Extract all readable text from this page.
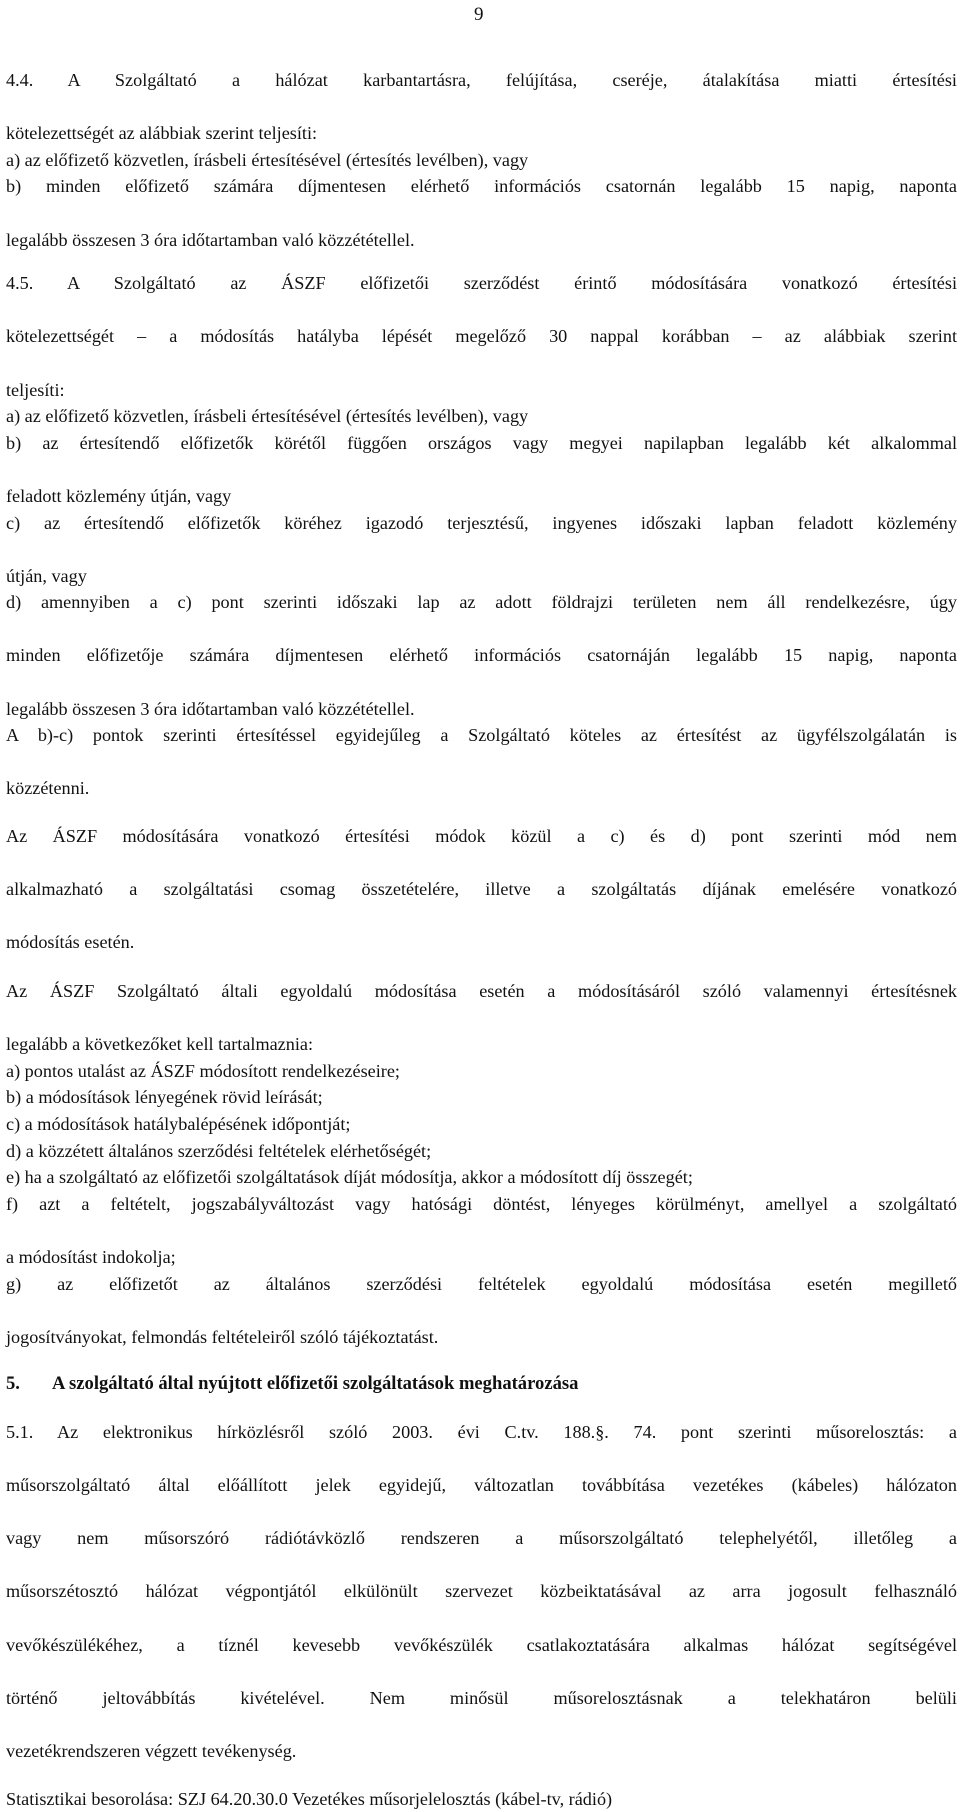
9

4.4. A Szolgáltató a hálózat karbantartásra, felújítása, cseréje, átalakítása miatti értesítési

kötelezettségét az alábbiak szerint teljesíti:

a) az előfizető közvetlen, írásbeli értesítésével (értesítés levélben), vagy

b) minden előfizető számára díjmentesen elérhető információs csatornán legalább 15 napig, naponta

legalább összesen 3 óra időtartamban való közzététellel.

4.5. A Szolgáltató az ÁSZF előfizetői szerződést érintő módosítására vonatkozó értesítési

kötelezettségét – a módosítás hatályba lépését megelőző 30 nappal korábban – az alábbiak szerint

teljesíti:

a) az előfizető közvetlen, írásbeli értesítésével (értesítés levélben), vagy

b) az értesítendő előfizetők körétől függően országos vagy megyei napilapban legalább két alkalommal

feladott közlemény útján, vagy

c) az értesítendő előfizetők köréhez igazodó terjesztésű, ingyenes időszaki lapban feladott közlemény

útján, vagy

d) amennyiben a c) pont szerinti időszaki lap az adott földrajzi területen nem áll rendelkezésre, úgy

minden előfizetője számára díjmentesen elérhető információs csatornáján legalább 15 napig, naponta

legalább összesen 3 óra időtartamban való közzététellel.

A b)-c) pontok szerinti értesítéssel egyidejűleg a Szolgáltató köteles az értesítést az ügyfélszolgálatán is

közzétenni.

Az ÁSZF módosítására vonatkozó értesítési módok közül a c) és d) pont szerinti mód nem

alkalmazható a szolgáltatási csomag összetételére, illetve a szolgáltatás díjának emelésére vonatkozó

módosítás esetén.

Az ÁSZF Szolgáltató általi egyoldalú módosítása esetén a módosításáról szóló valamennyi értesítésnek

legalább a következőket kell tartalmaznia:

a) pontos utalást az ÁSZF módosított rendelkezéseire;

b) a módosítások lényegének rövid leírását;

c) a módosítások hatálybalépésének időpontját;

d) a közzétett általános szerződési feltételek elérhetőségét;

e) ha a szolgáltató az előfizetői szolgáltatások díját módosítja, akkor a módosított díj összegét;

f) azt a feltételt, jogszabályváltozást vagy hatósági döntést, lényeges körülményt, amellyel a szolgáltató

a módosítást indokolja;

g) az előfizetőt az általános szerződési feltételek egyoldalú módosítása esetén megillető

jogosítványokat, felmondás feltételeiről szóló tájékoztatást.

5. A szolgáltató által nyújtott előfizetői szolgáltatások meghatározása

5.1. Az elektronikus hírközlésről szóló 2003. évi C.tv. 188.§. 74. pont szerinti műsorelosztás: a

műsorszolgáltató által előállított jelek egyidejű, változatlan továbbítása vezetékes (kábeles) hálózaton

vagy nem műsorszóró rádiótávközlő rendszeren a műsorszolgáltató telephelyétől, illetőleg a

műsorszétosztó hálózat végpontjától elkülönült szervezet közbeiktatásával az arra jogosult felhasználó

vevőkészülékéhez, a tíznél kevesebb vevőkészülék csatlakoztatására alkalmas hálózat segítségével

történő jeltovábbítás kivételével. Nem minősül műsorelosztásnak a telekhatáron belüli

vezetékrendszeren végzett tevékenység.

Statisztikai besorolása: SZJ 64.20.30.0 Vezetékes műsorjelelosztás (kábel-tv, rádió)
